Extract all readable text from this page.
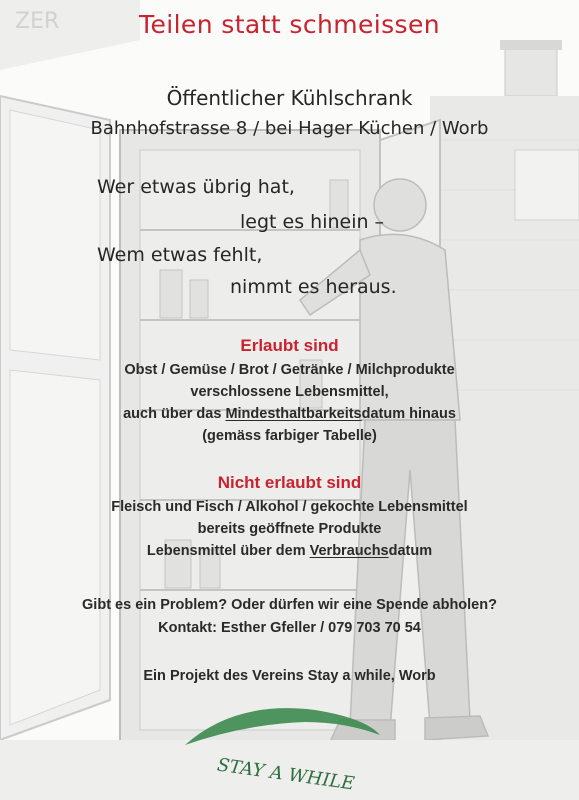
Teilen statt schmeissen
Öffentlicher Kühlschrank
Bahnhofstrasse 8 / bei Hager Küchen / Worb
Wer etwas übrig hat,
legt es hinein –
Wem etwas fehlt,
nimmt es heraus.
Erlaubt sind
Obst / Gemüse / Brot / Getränke / Milchprodukte
verschlossene Lebensmittel,
auch über das Mindesthaltbarkeitsdatum hinaus
(gemäss farbiger Tabelle)
Nicht erlaubt sind
Fleisch und Fisch / Alkohol / gekochte Lebensmittel
bereits geöffnete Produkte
Lebensmittel über dem Verbrauchsdatum
Gibt es ein Problem? Oder dürfen wir eine Spende abholen?
Kontakt: Esther Gfeller / 079 703 70 54
Ein Projekt des Vereins Stay a while, Worb
STAY A WHILE
